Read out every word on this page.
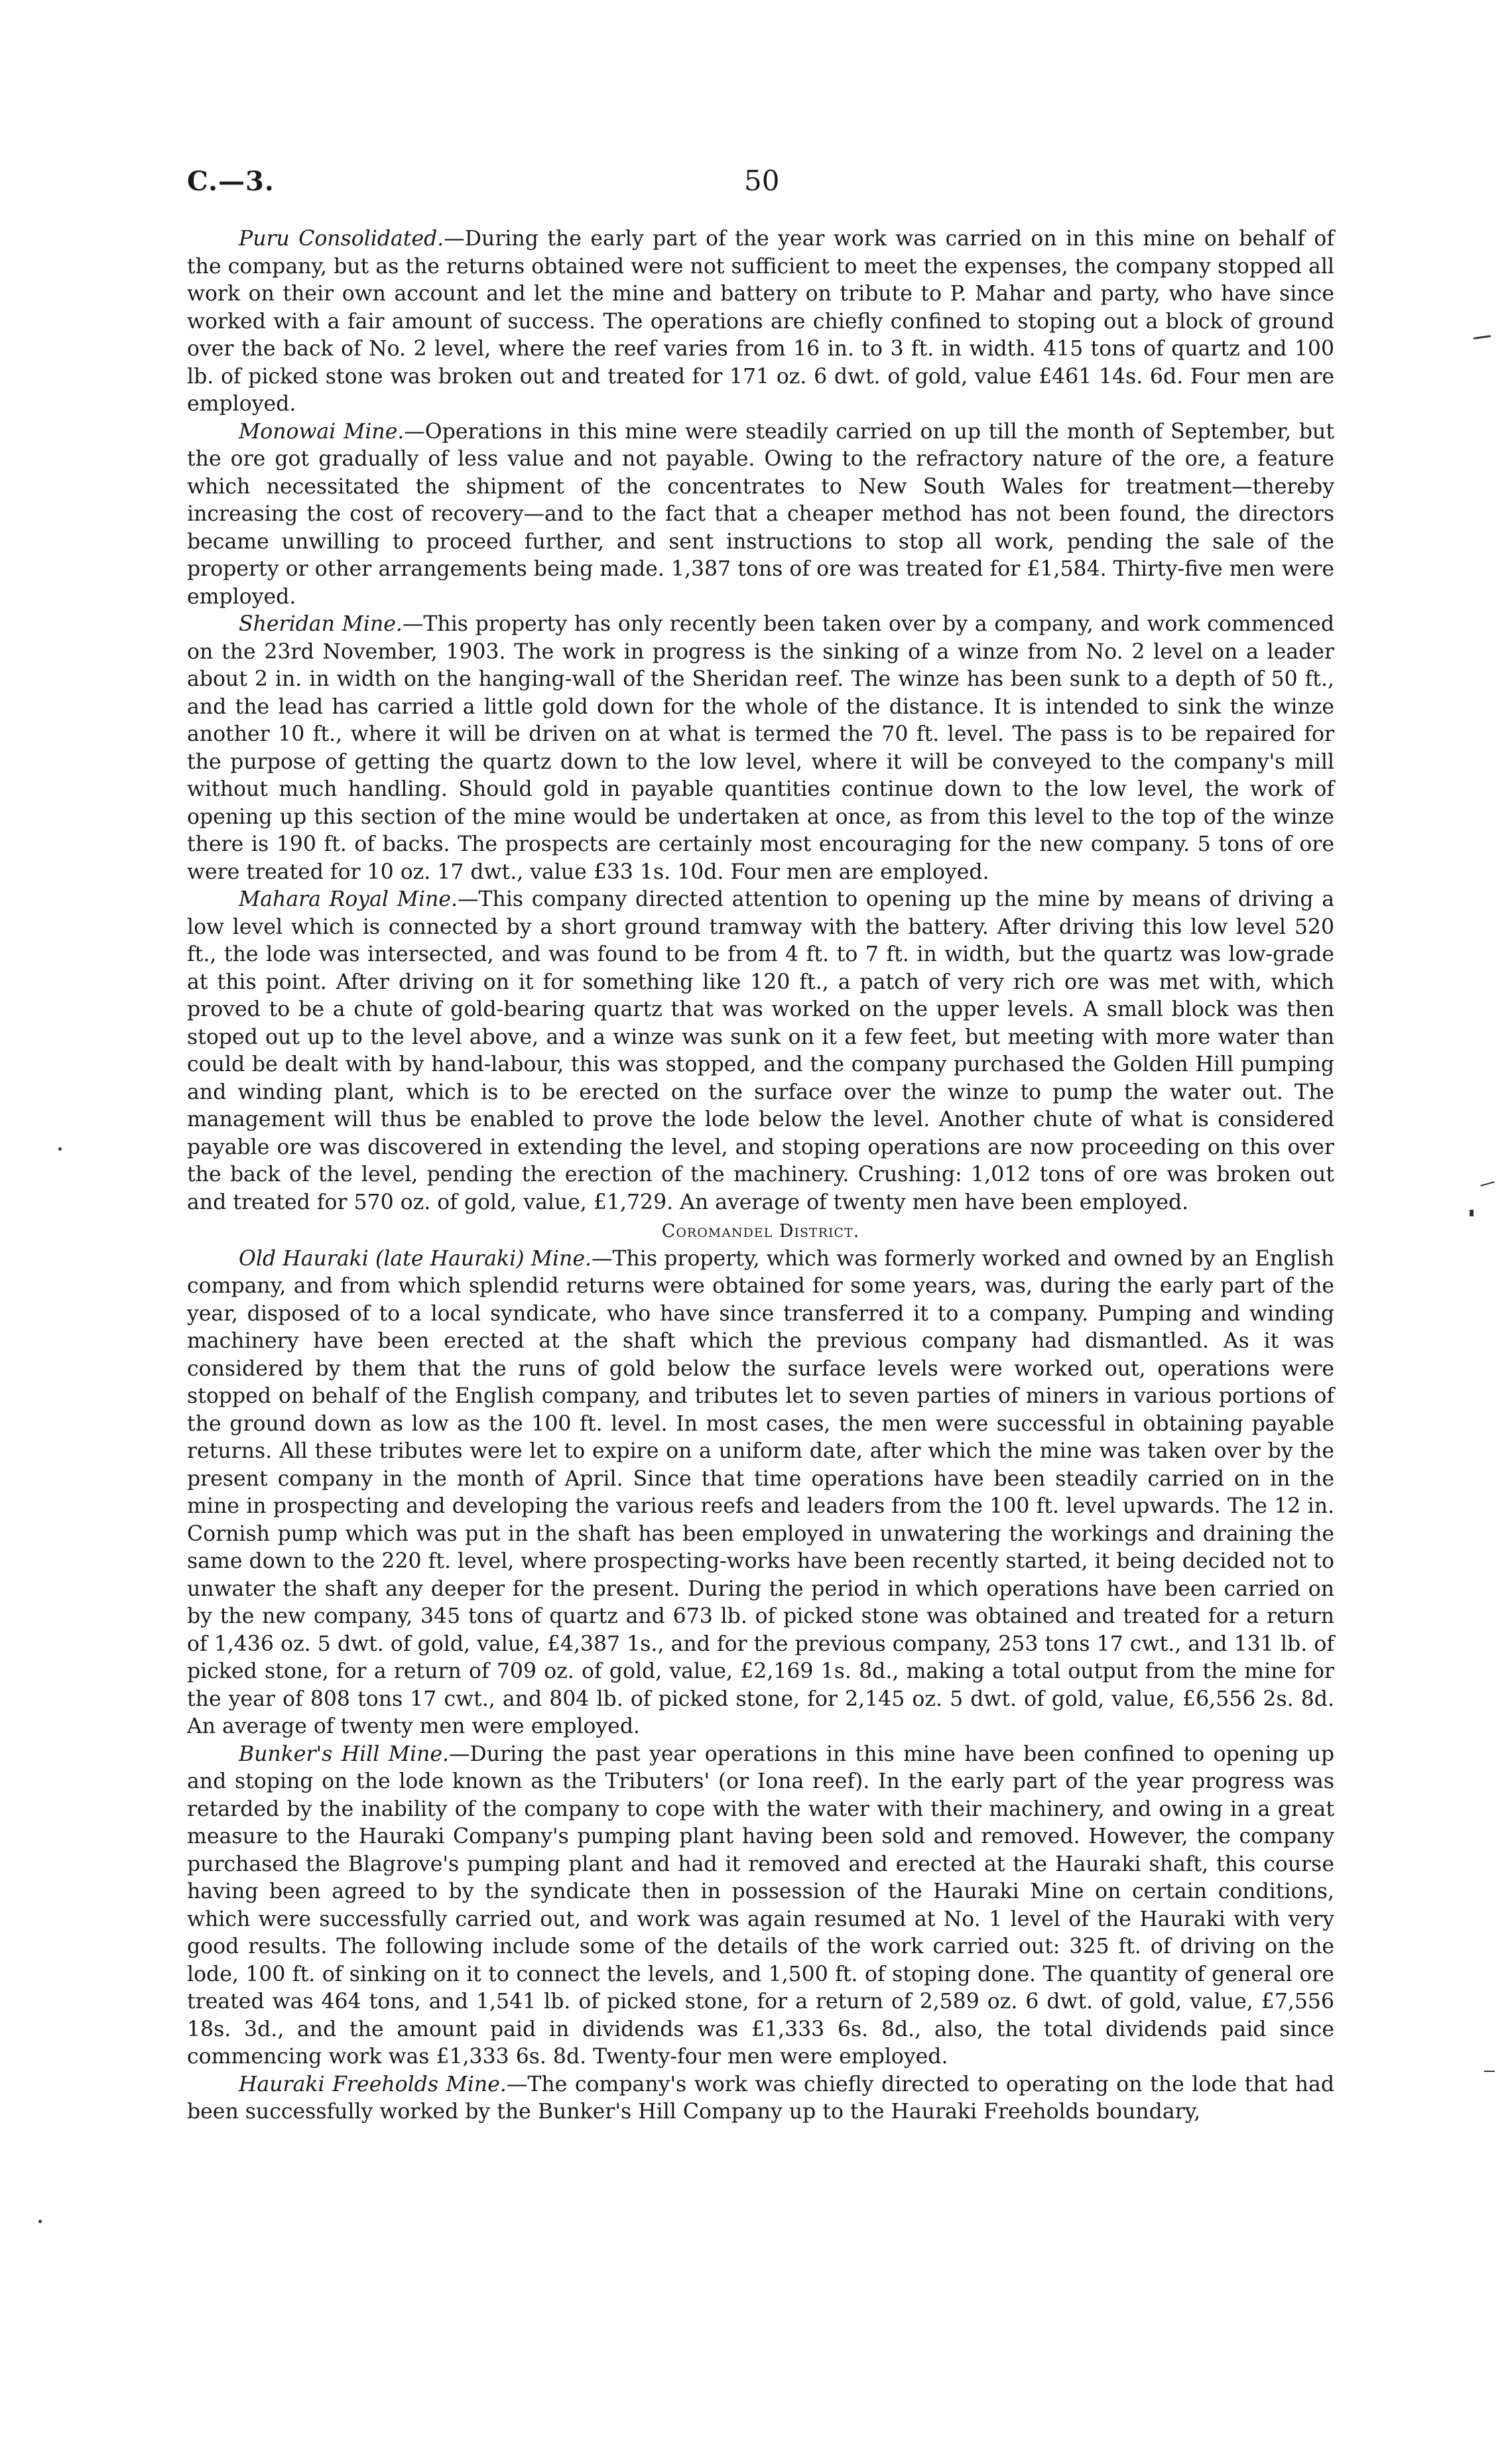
C.—3.	50

Puru Consolidated.—During the early part of the year work was carried on in this mine on behalf of the company, but as the returns obtained were not sufficient to meet the expenses, the company stopped all work on their own account and let the mine and battery on tribute to P. Mahar and party, who have since worked with a fair amount of success. The operations are chiefly confined to stoping out a block of ground over the back of No. 2 level, where the reef varies from 16 in. to 3 ft. in width. 415 tons of quartz and 100 lb. of picked stone was broken out and treated for 171 oz. 6 dwt. of gold, value £461 14s. 6d. Four men are employed.

Monowai Mine.—Operations in this mine were steadily carried on up till the month of September, but the ore got gradually of less value and not payable. Owing to the refractory nature of the ore, a feature which necessitated the shipment of the concentrates to New South Wales for treatment—thereby increasing the cost of recovery—and to the fact that a cheaper method has not been found, the directors became unwilling to proceed further, and sent instructions to stop all work, pending the sale of the property or other arrangements being made. 1,387 tons of ore was treated for £1,584. Thirty-five men were employed.

Sheridan Mine.—This property has only recently been taken over by a company, and work commenced on the 23rd November, 1903. The work in progress is the sinking of a winze from No. 2 level on a leader about 2 in. in width on the hanging-wall of the Sheridan reef. The winze has been sunk to a depth of 50 ft., and the lead has carried a little gold down for the whole of the distance. It is intended to sink the winze another 10 ft., where it will be driven on at what is termed the 70 ft. level. The pass is to be repaired for the purpose of getting the quartz down to the low level, where it will be conveyed to the company's mill without much handling. Should gold in payable quantities continue down to the low level, the work of opening up this section of the mine would be undertaken at once, as from this level to the top of the winze there is 190 ft. of backs. The prospects are certainly most encouraging for the new company. 5 tons of ore were treated for 10 oz. 17 dwt., value £33 1s. 10d. Four men are employed.

Mahara Royal Mine.—This company directed attention to opening up the mine by means of driving a low level which is connected by a short ground tramway with the battery. After driving this low level 520 ft., the lode was intersected, and was found to be from 4 ft. to 7 ft. in width, but the quartz was low-grade at this point. After driving on it for something like 120 ft., a patch of very rich ore was met with, which proved to be a chute of gold-bearing quartz that was worked on the upper levels. A small block was then stoped out up to the level above, and a winze was sunk on it a few feet, but meeting with more water than could be dealt with by hand-labour, this was stopped, and the company purchased the Golden Hill pumping and winding plant, which is to be erected on the surface over the winze to pump the water out. The management will thus be enabled to prove the lode below the level. Another chute of what is considered payable ore was discovered in extending the level, and stoping operations are now proceeding on this over the back of the level, pending the erection of the machinery. Crushing: 1,012 tons of ore was broken out and treated for 570 oz. of gold, value, £1,729. An average of twenty men have been employed.

Coromandel District.

Old Hauraki (late Hauraki) Mine.—This property, which was formerly worked and owned by an English company, and from which splendid returns were obtained for some years, was, during the early part of the year, disposed of to a local syndicate, who have since transferred it to a company. Pumping and winding machinery have been erected at the shaft which the previous company had dismantled. As it was considered by them that the runs of gold below the surface levels were worked out, operations were stopped on behalf of the English company, and tributes let to seven parties of miners in various portions of the ground down as low as the 100 ft. level. In most cases, the men were successful in obtaining payable returns. All these tributes were let to expire on a uniform date, after which the mine was taken over by the present company in the month of April. Since that time operations have been steadily carried on in the mine in prospecting and developing the various reefs and leaders from the 100 ft. level upwards. The 12 in. Cornish pump which was put in the shaft has been employed in unwatering the workings and draining the same down to the 220 ft. level, where prospecting-works have been recently started, it being decided not to unwater the shaft any deeper for the present. During the period in which operations have been carried on by the new company, 345 tons of quartz and 673 lb. of picked stone was obtained and treated for a return of 1,436 oz. 5 dwt. of gold, value, £4,387 1s., and for the previous company, 253 tons 17 cwt., and 131 lb. of picked stone, for a return of 709 oz. of gold, value, £2,169 1s. 8d., making a total output from the mine for the year of 808 tons 17 cwt., and 804 lb. of picked stone, for 2,145 oz. 5 dwt. of gold, value, £6,556 2s. 8d. An average of twenty men were employed.

Bunker's Hill Mine.—During the past year operations in this mine have been confined to opening up and stoping on the lode known as the Tributers' (or Iona reef). In the early part of the year progress was retarded by the inability of the company to cope with the water with their machinery, and owing in a great measure to the Hauraki Company's pumping plant having been sold and removed. However, the company purchased the Blagrove's pumping plant and had it removed and erected at the Hauraki shaft, this course having been agreed to by the syndicate then in possession of the Hauraki Mine on certain conditions, which were successfully carried out, and work was again resumed at No. 1 level of the Hauraki with very good results. The following include some of the details of the work carried out: 325 ft. of driving on the lode, 100 ft. of sinking on it to connect the levels, and 1,500 ft. of stoping done. The quantity of general ore treated was 464 tons, and 1,541 lb. of picked stone, for a return of 2,589 oz. 6 dwt. of gold, value, £7,556 18s. 3d., and the amount paid in dividends was £1,333 6s. 8d., also, the total dividends paid since commencing work was £1,333 6s. 8d. Twenty-four men were employed.

Hauraki Freeholds Mine.—The company's work was chiefly directed to operating on the lode that had been successfully worked by the Bunker's Hill Company up to the Hauraki Freeholds boundary,
